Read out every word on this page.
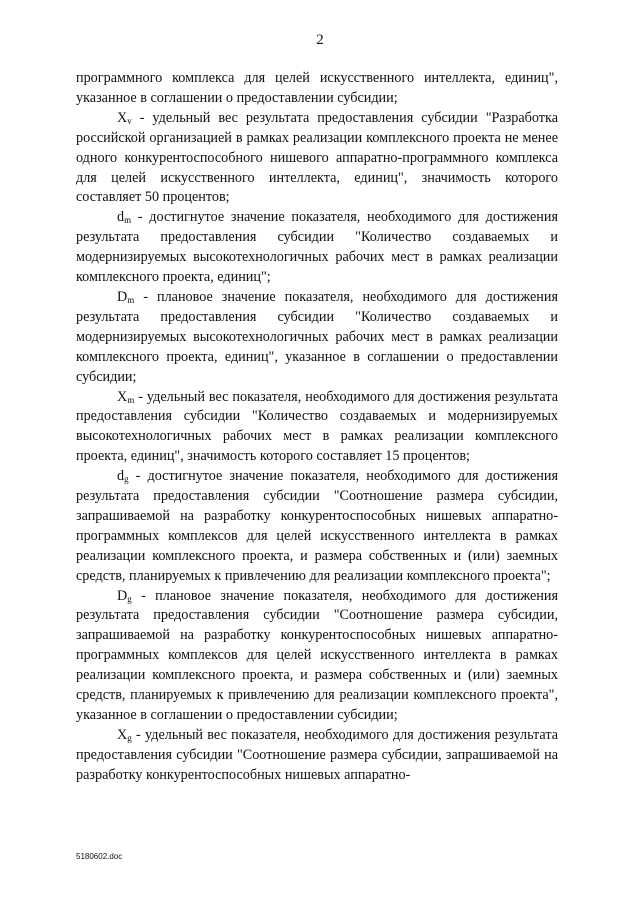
2

программного комплекса для целей искусственного интеллекта, единиц", указанное в соглашении о предоставлении субсидии;

$X_v$ - удельный вес результата предоставления субсидии "Разработка российской организацией в рамках реализации комплексного проекта не менее одного конкурентоспособного нишевого аппаратно-программного комплекса для целей искусственного интеллекта, единиц", значимость которого составляет 50 процентов;

$d_m$ - достигнутое значение показателя, необходимого для достижения результата предоставления субсидии "Количество создаваемых и модернизируемых высокотехнологичных рабочих мест в рамках реализации комплексного проекта, единиц";

$D_m$ - плановое значение показателя, необходимого для достижения результата предоставления субсидии "Количество создаваемых и модернизируемых высокотехнологичных рабочих мест в рамках реализации комплексного проекта, единиц", указанное в соглашении о предоставлении субсидии;

$X_m$ - удельный вес показателя, необходимого для достижения результата предоставления субсидии "Количество создаваемых и модернизируемых высокотехнологичных рабочих мест в рамках реализации комплексного проекта, единиц", значимость которого составляет 15 процентов;

$d_g$ - достигнутое значение показателя, необходимого для достижения результата предоставления субсидии "Соотношение размера субсидии, запрашиваемой на разработку конкурентоспособных нишевых аппаратно-программных комплексов для целей искусственного интеллекта в рамках реализации комплексного проекта, и размера собственных и (или) заемных средств, планируемых к привлечению для реализации комплексного проекта";

$D_g$ - плановое значение показателя, необходимого для достижения результата предоставления субсидии "Соотношение размера субсидии, запрашиваемой на разработку конкурентоспособных нишевых аппаратно-программных комплексов для целей искусственного интеллекта в рамках реализации комплексного проекта, и размера собственных и (или) заемных средств, планируемых к привлечению для реализации комплексного проекта", указанное в соглашении о предоставлении субсидии;

$X_g$ - удельный вес показателя, необходимого для достижения результата предоставления субсидии "Соотношение размера субсидии, запрашиваемой на разработку конкурентоспособных нишевых аппаратно-

5180602.doc
